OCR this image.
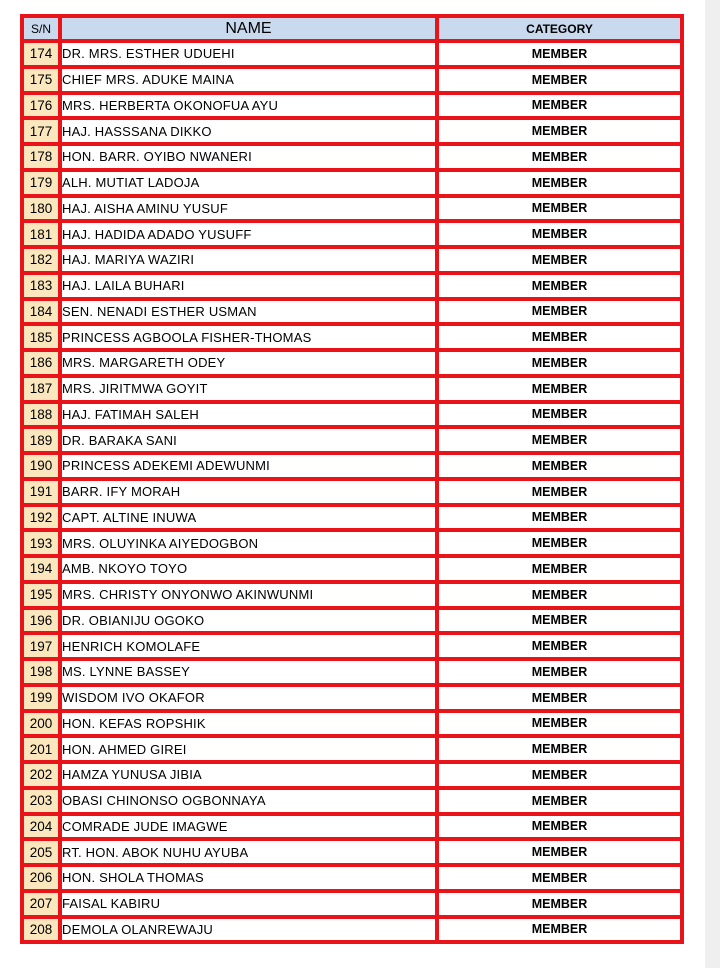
S/N	NAME	CATEGORY
174	DR. MRS. ESTHER UDUEHI	MEMBER
175	CHIEF MRS. ADUKE MAINA	MEMBER
176	MRS. HERBERTA OKONOFUA AYU	MEMBER
177	HAJ. HASSSANA DIKKO	MEMBER
178	HON. BARR. OYIBO NWANERI	MEMBER
179	ALH. MUTIAT LADOJA	MEMBER
180	HAJ. AISHA AMINU YUSUF	MEMBER
181	HAJ. HADIDA ADADO YUSUFF	MEMBER
182	HAJ. MARIYA WAZIRI	MEMBER
183	HAJ. LAILA BUHARI	MEMBER
184	SEN. NENADI ESTHER USMAN	MEMBER
185	PRINCESS AGBOOLA FISHER-THOMAS	MEMBER
186	MRS. MARGARETH ODEY	MEMBER
187	MRS. JIRITMWA GOYIT	MEMBER
188	HAJ. FATIMAH SALEH	MEMBER
189	DR. BARAKA SANI	MEMBER
190	PRINCESS ADEKEMI ADEWUNMI	MEMBER
191	BARR. IFY MORAH	MEMBER
192	CAPT. ALTINE INUWA	MEMBER
193	MRS. OLUYINKA AIYEDOGBON	MEMBER
194	AMB. NKOYO TOYO	MEMBER
195	MRS. CHRISTY ONYONWO AKINWUNMI	MEMBER
196	DR. OBIANIJU OGOKO	MEMBER
197	HENRICH KOMOLAFE	MEMBER
198	MS. LYNNE BASSEY	MEMBER
199	WISDOM IVO OKAFOR	MEMBER
200	HON. KEFAS ROPSHIK	MEMBER
201	HON. AHMED GIREI	MEMBER
202	HAMZA YUNUSA JIBIA	MEMBER
203	OBASI CHINONSO OGBONNAYA	MEMBER
204	COMRADE JUDE IMAGWE	MEMBER
205	RT. HON. ABOK NUHU AYUBA	MEMBER
206	HON. SHOLA THOMAS	MEMBER
207	FAISAL KABIRU	MEMBER
208	DEMOLA OLANREWAJU	MEMBER
